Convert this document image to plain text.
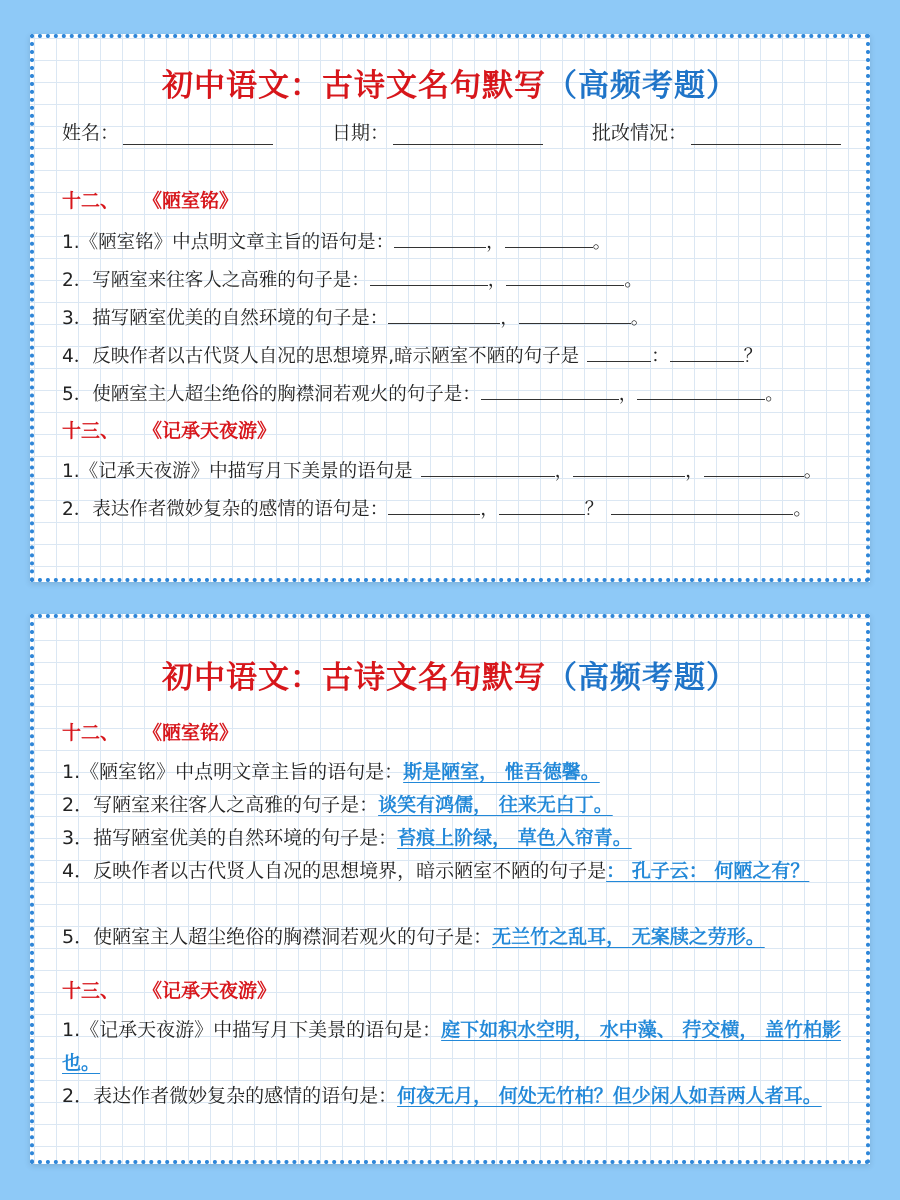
初中语文：古诗文名句默写（高频考题）
姓名：	日期：	批改情况：
十二、 《陋室铭》
1.《陋室铭》中点明文章主旨的语句是：	，	。
2．写陋室来往客人之高雅的句子是：	，	。
3．描写陋室优美的自然环境的句子是：	，	。
4．反映作者以古代贤人自况的思想境界,暗示陋室不陋的句子是	：	？
5．使陋室主人超尘绝俗的胸襟洞若观火的句子是：	，	。
十三、 《记承天夜游》
1.《记承天夜游》中描写月下美景的语句是	，	，	。
2．表达作者微妙复杂的感情的语句是：	，	？	。
初中语文：古诗文名句默写（高频考题）
十二、 《陋室铭》
1.《陋室铭》中点明文章主旨的语句是：斯是陋室， 惟吾德馨。
2．写陋室来往客人之高雅的句子是：谈笑有鸿儒， 往来无白丁。
3．描写陋室优美的自然环境的句子是：苔痕上阶绿， 草色入帘青。
4．反映作者以古代贤人自况的思想境界，暗示陋室不陋的句子是： 孔子云： 何陋之有？
5．使陋室主人超尘绝俗的胸襟洞若观火的句子是：无兰竹之乱耳， 无案牍之劳形。
十三、 《记承天夜游》
1.《记承天夜游》中描写月下美景的语句是：庭下如积水空明， 水中藻、 荇交横， 盖竹柏影也。
2．表达作者微妙复杂的感情的语句是：何夜无月， 何处无竹柏？但少闲人如吾两人者耳。
